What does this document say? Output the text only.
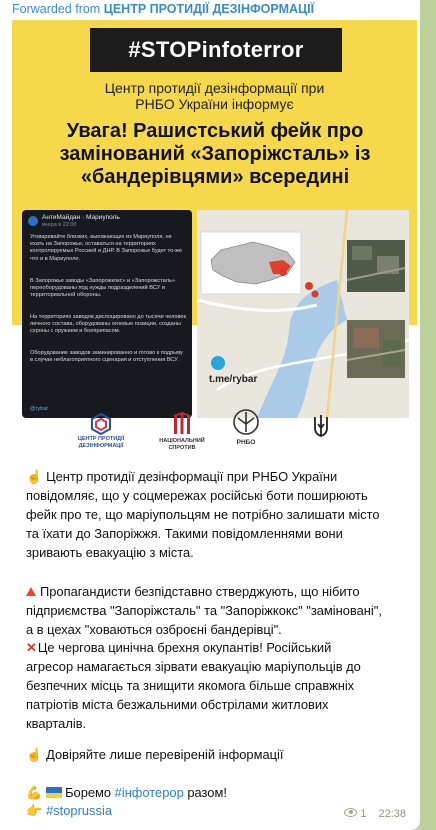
Forwarded from ЦЕНТР ПРОТИДІЇ ДЕЗІНФОРМАЦІЇ
#STOPinfoterror
Центр протидії дезінформації при
РНБО України інформує
Увага! Рашистський фейк про
замінований «Запоріжсталь» із
«бандерівцями» всередині
АнтиМайдан · Мариуполь
вчера в 22:00
Уговаривайте близких, выезжающих из Мариуполя, не ехать на Запорожье, оставаться на территориях контролируемых Россией и ДНР. В Запорожье будет то-же что и в Мариуполе.
В Запорожье заводы «Запорожкокс» и «Запорожсталь» переоборудованы под нужды подразделений ВСУ и территориальной обороны.
На территориях заводов дислоцировано до тысячи человек личного состава, оборудованы огневые позиции, созданы схроны с оружием и боеприпасом.
Оборудование заводов заминированно и готово к подрыву в случае неблагоприятного сценария и отступления ВСУ.
@rybar
t.me/rybar
ЦЕНТР ПРОТИДІЇ
ДЕЗІНФОРМАЦІЇ
НАЦІОНАЛЬНИЙ
СПРОТИВ
РНБО
☝ Центр протидії дезінформації при РНБО України
повідомляє, що у соцмережах російські боти поширюють
фейк про те, що маріупольцям не потрібно залишати місто
та їхати до Запоріжжя. Такими повідомленнями вони
зривають евакуацію з міста.
Пропагандисти безпідставно стверджують, що нібито
підприємства "Запоріжсталь" та "Запоріжкокс" "заміновані",
а в цехах "ховаються озброєні бандерівці".
✕Це чергова цинічна брехня окупантів! Російський
агресор намагається зірвати евакуацію маріупольців до
безпечних місць та знищити якомога більше справжніх
патріотів міста безжальними обстрілами житлових
кварталів.
☝ Довіряйте лише перевіреній інформації
💪 Боремо #інфотерор разом!
👉 #stoprussia	1 22:38
